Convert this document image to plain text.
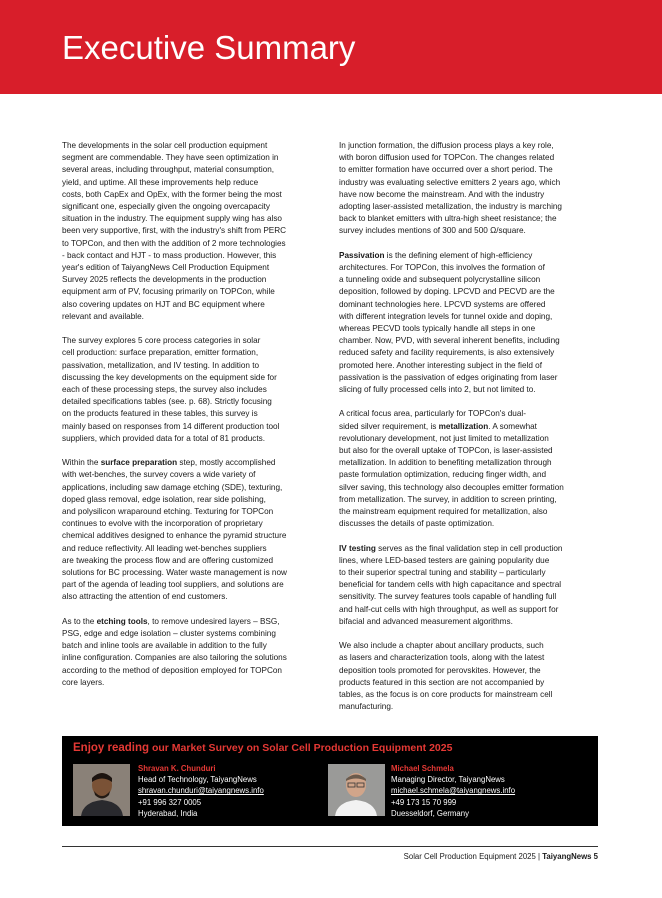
Executive Summary

The developments in the solar cell production equipment
segment are commendable. They have seen optimization in
several areas, including throughput, material consumption,
yield, and uptime. All these improvements help reduce
costs, both CapEx and OpEx, with the former being the most
significant one, especially given the ongoing overcapacity
situation in the industry. The equipment supply wing has also
been very supportive, first, with the industry's shift from PERC
to TOPCon, and then with the addition of 2 more technologies
- back contact and HJT - to mass production. However, this
year's edition of TaiyangNews Cell Production Equipment
Survey 2025 reflects the developments in the production
equipment arm of PV, focusing primarily on TOPCon, while
also covering updates on HJT and BC equipment where
relevant and available.

The survey explores 5 core process categories in solar
cell production: surface preparation, emitter formation,
passivation, metallization, and IV testing. In addition to
discussing the key developments on the equipment side for
each of these processing steps, the survey also includes
detailed specifications tables (see. p. 68). Strictly focusing
on the products featured in these tables, this survey is
mainly based on responses from 14 different production tool
suppliers, which provided data for a total of 81 products.

Within the surface preparation step, mostly accomplished
with wet-benches, the survey covers a wide variety of
applications, including saw damage etching (SDE), texturing,
doped glass removal, edge isolation, rear side polishing,
and polysilicon wraparound etching. Texturing for TOPCon
continues to evolve with the incorporation of proprietary
chemical additives designed to enhance the pyramid structure
and reduce reflectivity. All leading wet-benches suppliers
are tweaking the process flow and are offering customized
solutions for BC processing. Water waste management is now
part of the agenda of leading tool suppliers, and solutions are
also attracting the attention of end customers.

As to the etching tools, to remove undesired layers – BSG,
PSG, edge and edge isolation – cluster systems combining
batch and inline tools are available in addition to the fully
inline configuration. Companies are also tailoring the solutions
according to the method of deposition employed for TOPCon
core layers.

In junction formation, the diffusion process plays a key role,
with boron diffusion used for TOPCon. The changes related
to emitter formation have occurred over a short period. The
industry was evaluating selective emitters 2 years ago, which
have now become the mainstream. And with the industry
adopting laser-assisted metallization, the industry is marching
back to blanket emitters with ultra-high sheet resistance; the
survey includes mentions of 300 and 500 Ω/square.

Passivation is the defining element of high-efficiency
architectures. For TOPCon, this involves the formation of
a tunneling oxide and subsequent polycrystalline silicon
deposition, followed by doping. LPCVD and PECVD are the
dominant technologies here. LPCVD systems are offered
with different integration levels for tunnel oxide and doping,
whereas PECVD tools typically handle all steps in one
chamber. Now, PVD, with several inherent benefits, including
reduced safety and facility requirements, is also extensively
promoted here. Another interesting subject in the field of
passivation is the passivation of edges originating from laser
slicing of fully processed cells into 2, but not limited to.

A critical focus area, particularly for TOPCon's dual-
sided silver requirement, is metallization. A somewhat
revolutionary development, not just limited to metallization
but also for the overall uptake of TOPCon, is laser-assisted
metallization. In addition to benefiting metallization through
paste formulation optimization, reducing finger width, and
silver saving, this technology also decouples emitter formation
from metallization. The survey, in addition to screen printing,
the mainstream equipment required for metallization, also
discusses the details of paste optimization.

IV testing serves as the final validation step in cell production
lines, where LED-based testers are gaining popularity due
to their superior spectral tuning and stability – particularly
beneficial for tandem cells with high capacitance and spectral
sensitivity. The survey features tools capable of handling full
and half-cut cells with high throughput, as well as support for
bifacial and advanced measurement algorithms.

We also include a chapter about ancillary products, such
as lasers and characterization tools, along with the latest
deposition tools promoted for perovskites. However, the
products featured in this section are not accompanied by
tables, as the focus is on core products for mainstream cell
manufacturing.

Enjoy reading our Market Survey on Solar Cell Production Equipment 2025
Shravan K. Chunduri
Head of Technology, TaiyangNews
shravan.chunduri@taiyangnews.info
+91 996 327 0005
Hyderabad, India
Michael Schmela
Managing Director, TaiyangNews
michael.schmela@taiyangnews.info
+49 173 15 70 999
Duesseldorf, Germany
Solar Cell Production Equipment 2025 | TaiyangNews 5
